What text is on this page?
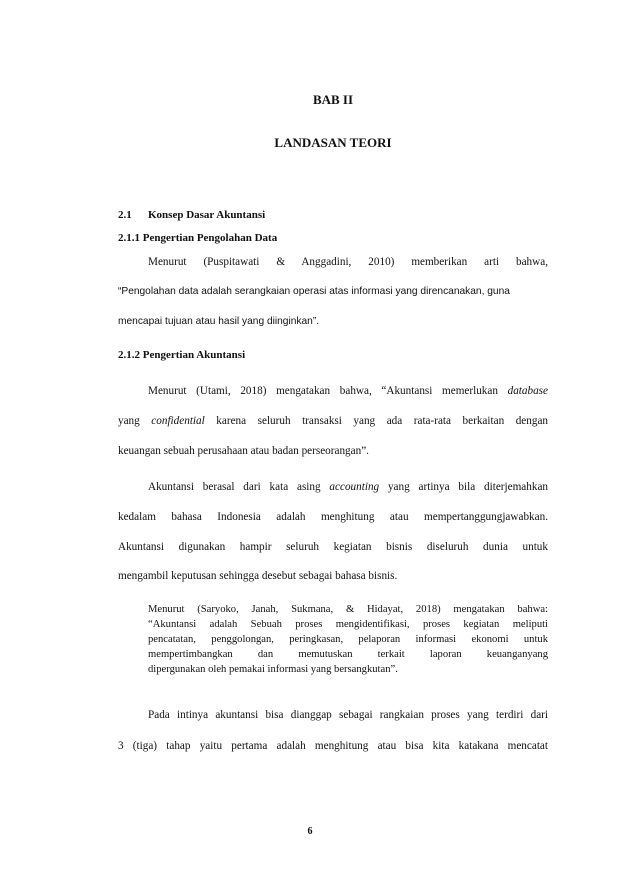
BAB II
LANDASAN TEORI
2.1 Konsep Dasar Akuntansi
2.1.1 Pengertian Pengolahan Data
Menurut (Puspitawati & Anggadini, 2010) memberikan arti bahwa,
“Pengolahan data adalah serangkaian operasi atas informasi yang direncanakan, guna
mencapai tujuan atau hasil yang diinginkan”.
2.1.2 Pengertian Akuntansi
Menurut (Utami, 2018) mengatakan bahwa, “Akuntansi memerlukan database
yang confidential karena seluruh transaksi yang ada rata-rata berkaitan dengan
keuangan sebuah perusahaan atau badan perseorangan”.
Akuntansi berasal dari kata asing accounting yang artinya bila diterjemahkan
kedalam bahasa Indonesia adalah menghitung atau mempertanggungjawabkan.
Akuntansi digunakan hampir seluruh kegiatan bisnis diseluruh dunia untuk
mengambil keputusan sehingga desebut sebagai bahasa bisnis.
Menurut (Saryoko, Janah, Sukmana, & Hidayat, 2018) mengatakan bahwa:
“Akuntansi adalah Sebuah proses mengidentifikasi, proses kegiatan meliputi
pencatatan, penggolongan, peringkasan, pelaporan informasi ekonomi untuk
mempertimbangkan dan memutuskan terkait laporan keuanganyang
dipergunakan oleh pemakai informasi yang bersangkutan”.
Pada intinya akuntansi bisa dianggap sebagai rangkaian proses yang terdiri dari
3 (tiga) tahap yaitu pertama adalah menghitung atau bisa kita katakana mencatat
6
